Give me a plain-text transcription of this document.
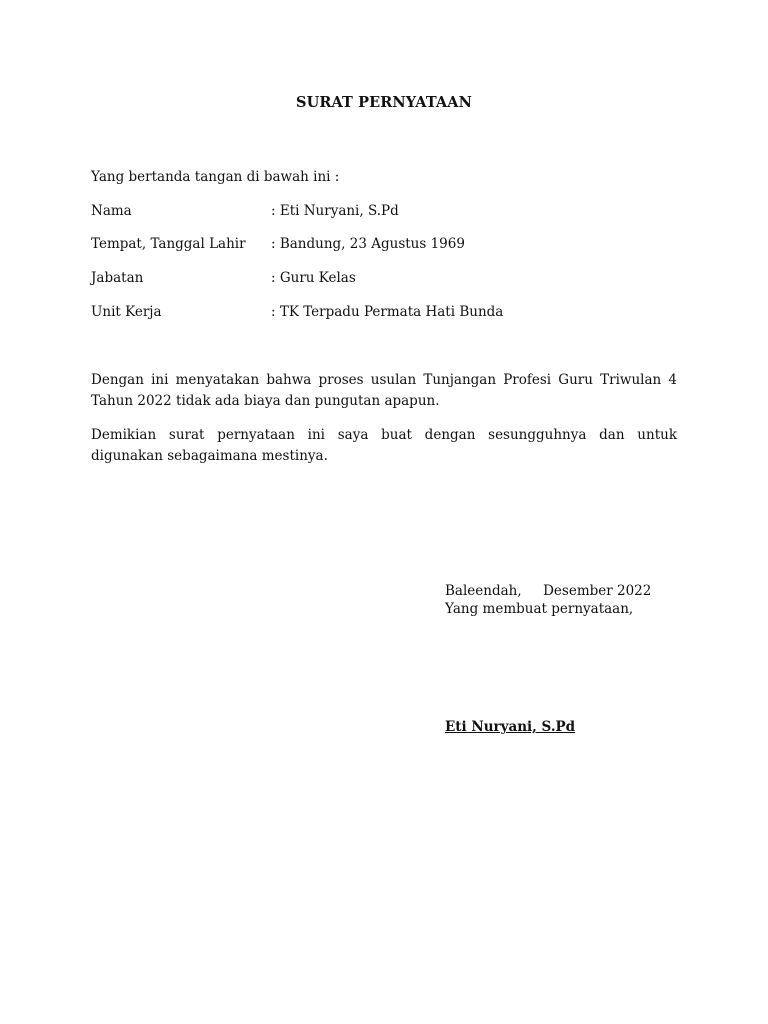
SURAT PERNYATAAN
Yang bertanda tangan di bawah ini :
Nama	: Eti Nuryani, S.Pd
Tempat, Tanggal Lahir : Bandung, 23 Agustus 1969
Jabatan	: Guru Kelas
Unit Kerja	: TK Terpadu Permata Hati Bunda
Dengan ini menyatakan bahwa proses usulan Tunjangan Profesi Guru Triwulan 4 Tahun 2022 tidak ada biaya dan pungutan apapun.
Demikian surat pernyataan ini saya buat dengan sesungguhnya dan untuk digunakan sebagaimana mestinya.
Baleendah,     Desember 2022
Yang membuat pernyataan,
Eti Nuryani, S.Pd
